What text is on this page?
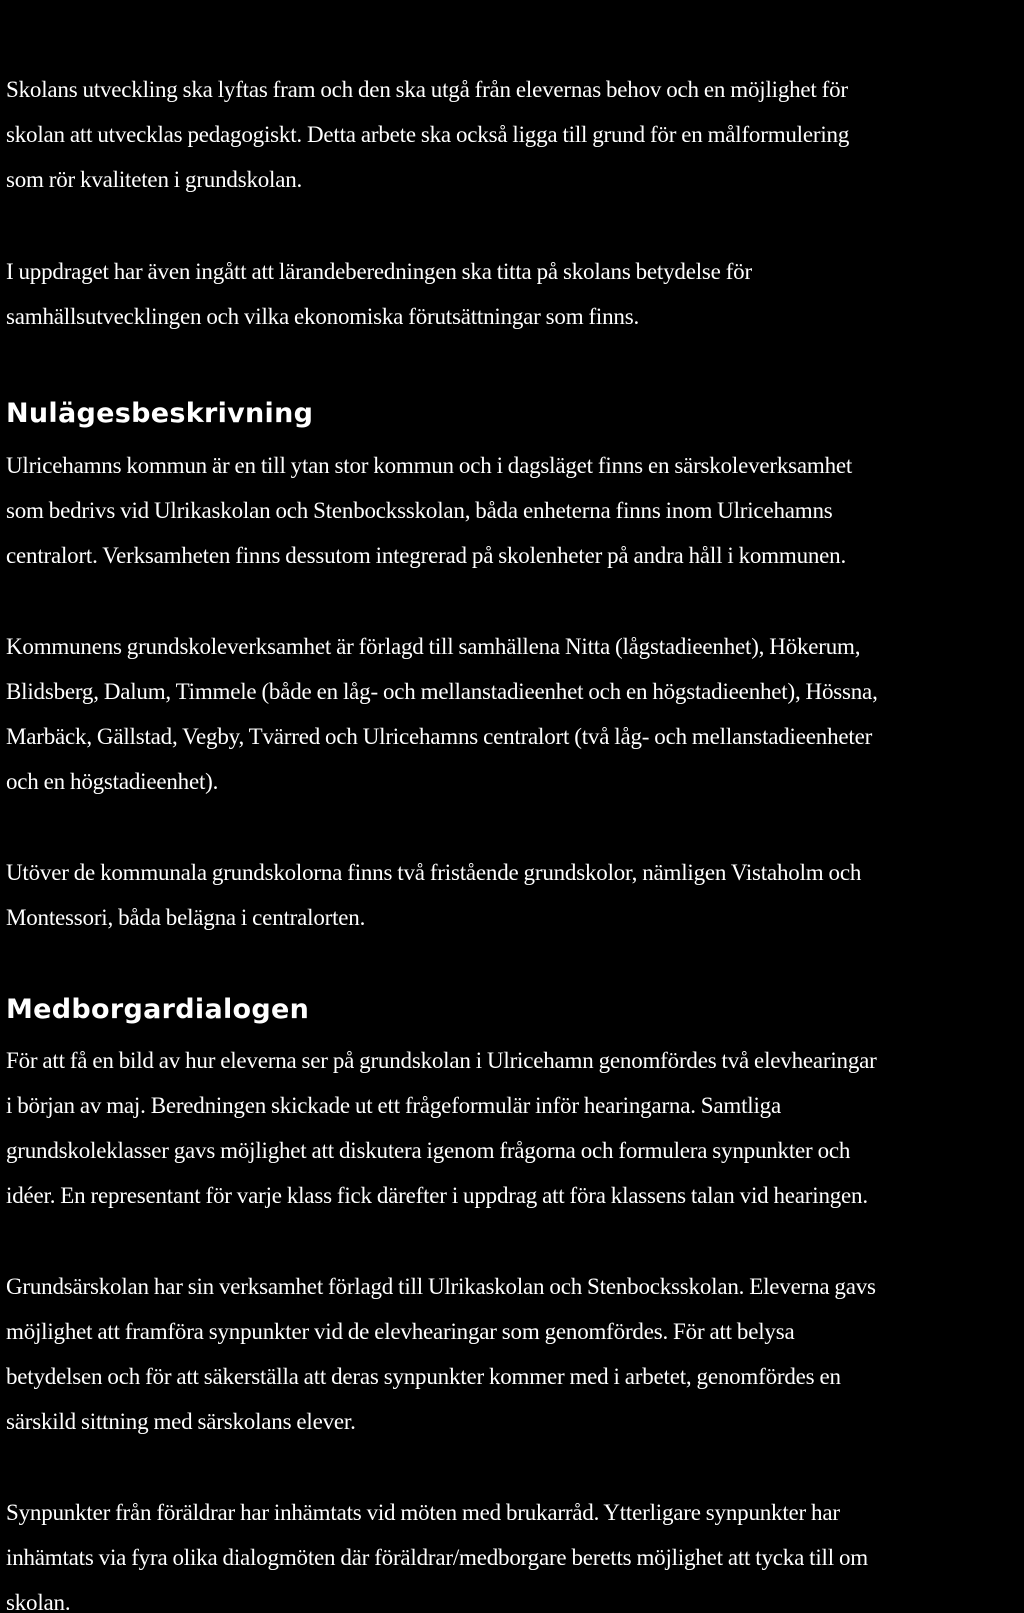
Skolans utveckling ska lyftas fram och den ska utgå från elevernas behov och en möjlighet för
skolan att utvecklas pedagogiskt. Detta arbete ska också ligga till grund för en målformulering
som rör kvaliteten i grundskolan.

I uppdraget har även ingått att lärandeberedningen ska titta på skolans betydelse för
samhällsutvecklingen och vilka ekonomiska förutsättningar som finns.

Nulägesbeskrivning

Ulricehamns kommun är en till ytan stor kommun och i dagsläget finns en särskoleverksamhet
som bedrivs vid Ulrikaskolan och Stenbocksskolan, båda enheterna finns inom Ulricehamns
centralort. Verksamheten finns dessutom integrerad på skolenheter på andra håll i kommunen.

Kommunens grundskoleverksamhet är förlagd till samhällena Nitta (lågstadieenhet), Hökerum,
Blidsberg, Dalum, Timmele (både en låg- och mellanstadieenhet och en högstadieenhet), Hössna,
Marbäck, Gällstad, Vegby, Tvärred och Ulricehamns centralort (två låg- och mellanstadieenheter
och en högstadieenhet).

Utöver de kommunala grundskolorna finns två fristående grundskolor, nämligen Vistaholm och
Montessori, båda belägna i centralorten.

Medborgardialogen

För att få en bild av hur eleverna ser på grundskolan i Ulricehamn genomfördes två elevhearingar
i början av maj. Beredningen skickade ut ett frågeformulär inför hearingarna. Samtliga
grundskoleklasser gavs möjlighet att diskutera igenom frågorna och formulera synpunkter och
idéer. En representant för varje klass fick därefter i uppdrag att föra klassens talan vid hearingen.

Grundsärskolan har sin verksamhet förlagd till Ulrikaskolan och Stenbocksskolan. Eleverna gavs
möjlighet att framföra synpunkter vid de elevhearingar som genomfördes. För att belysa
betydelsen och för att säkerställa att deras synpunkter kommer med i arbetet, genomfördes en
särskild sittning med särskolans elever.

Synpunkter från föräldrar har inhämtats vid möten med brukarråd. Ytterligare synpunkter har
inhämtats via fyra olika dialogmöten där föräldrar/medborgare beretts möjlighet att tycka till om
skolan.
